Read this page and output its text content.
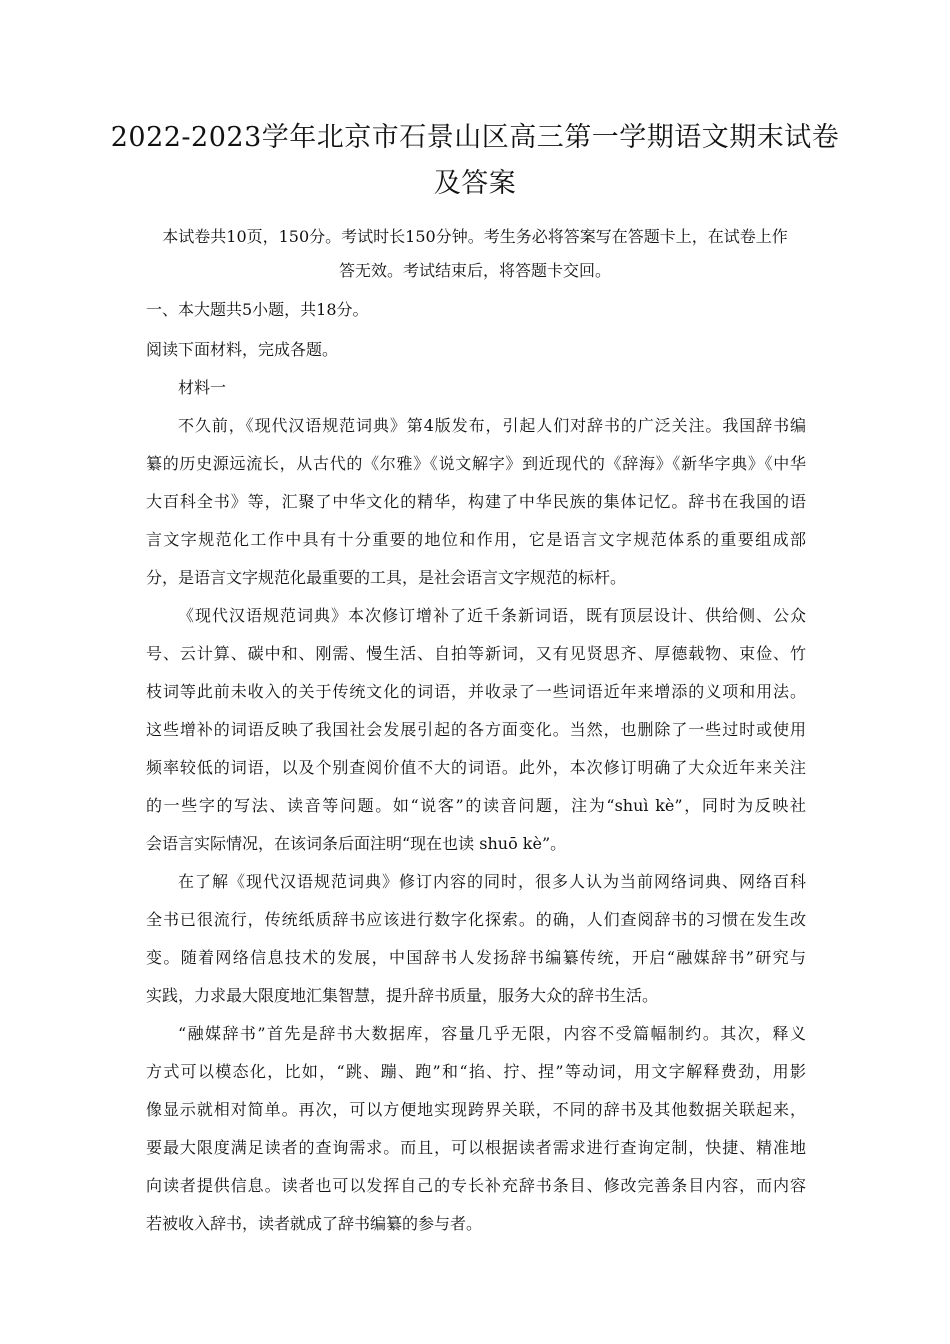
2022-2023学年北京市石景山区高三第一学期语文期末试卷
及答案
本试卷共10页，150分。考试时长150分钟。考生务必将答案写在答题卡上，在试卷上作
答无效。考试结束后，将答题卡交回。
一、本大题共5小题，共18分。
阅读下面材料，完成各题。
材料一
不久前，《现代汉语规范词典》第4版发布，引起人们对辞书的广泛关注。我国辞书编
纂的历史源远流长，从古代的《尔雅》《说文解字》到近现代的《辞海》《新华字典》《中华
大百科全书》等，汇聚了中华文化的精华，构建了中华民族的集体记忆。辞书在我国的语
言文字规范化工作中具有十分重要的地位和作用，它是语言文字规范体系的重要组成部
分，是语言文字规范化最重要的工具，是社会语言文字规范的标杆。
《现代汉语规范词典》本次修订增补了近千条新词语，既有顶层设计、供给侧、公众
号、云计算、碳中和、刚需、慢生活、自拍等新词，又有见贤思齐、厚德载物、束俭、竹
枝词等此前未收入的关于传统文化的词语，并收录了一些词语近年来增添的义项和用法。
这些增补的词语反映了我国社会发展引起的各方面变化。当然，也删除了一些过时或使用
频率较低的词语，以及个别查阅价值不大的词语。此外，本次修订明确了大众近年来关注
的一些字的写法、读音等问题。如“说客”的读音问题，注为“shuì kè”，同时为反映社
会语言实际情况，在该词条后面注明“现在也读 shuō kè”。
在了解《现代汉语规范词典》修订内容的同时，很多人认为当前网络词典、网络百科
全书已很流行，传统纸质辞书应该进行数字化探索。的确，人们查阅辞书的习惯在发生改
变。随着网络信息技术的发展，中国辞书人发扬辞书编纂传统，开启“融媒辞书”研究与
实践，力求最大限度地汇集智慧，提升辞书质量，服务大众的辞书生活。
“融媒辞书”首先是辞书大数据库，容量几乎无限，内容不受篇幅制约。其次，释义
方式可以模态化，比如，“跳、蹦、跑”和“掐、拧、捏”等动词，用文字解释费劲，用影
像显示就相对简单。再次，可以方便地实现跨界关联，不同的辞书及其他数据关联起来，
要最大限度满足读者的查询需求。而且，可以根据读者需求进行查询定制，快捷、精准地
向读者提供信息。读者也可以发挥自己的专长补充辞书条目、修改完善条目内容，而内容
若被收入辞书，读者就成了辞书编纂的参与者。
